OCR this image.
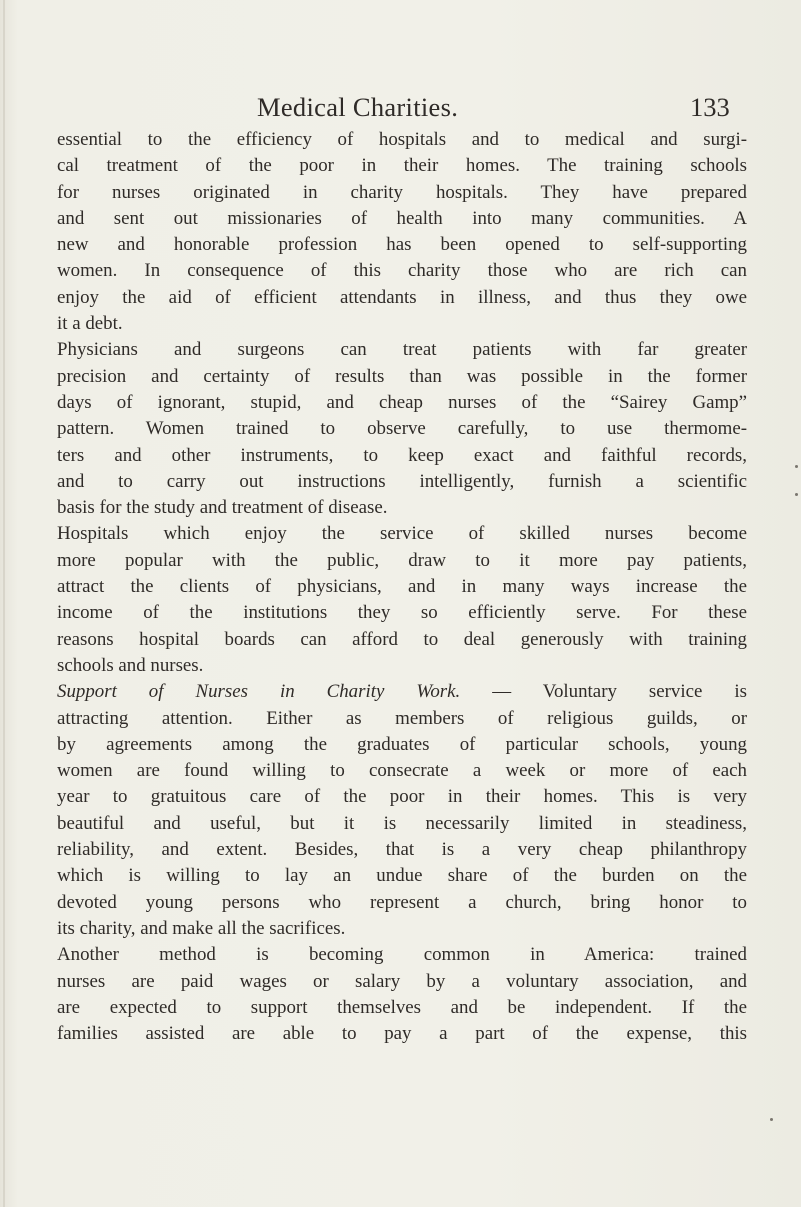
Medical Charities.	133
essential to the efficiency of hospitals and to medical and surgi-
cal treatment of the poor in their homes. The training schools
for nurses originated in charity hospitals. They have prepared
and sent out missionaries of health into many communities. A
new and honorable profession has been opened to self-supporting
women. In consequence of this charity those who are rich can
enjoy the aid of efficient attendants in illness, and thus they owe
it a debt.
Physicians and surgeons can treat patients with far greater
precision and certainty of results than was possible in the former
days of ignorant, stupid, and cheap nurses of the “Sairey Gamp”
pattern. Women trained to observe carefully, to use thermome-
ters and other instruments, to keep exact and faithful records,
and to carry out instructions intelligently, furnish a scientific
basis for the study and treatment of disease.
Hospitals which enjoy the service of skilled nurses become
more popular with the public, draw to it more pay patients,
attract the clients of physicians, and in many ways increase the
income of the institutions they so efficiently serve. For these
reasons hospital boards can afford to deal generously with training
schools and nurses.
Support of Nurses in Charity Work. — Voluntary service is
attracting attention. Either as members of religious guilds, or
by agreements among the graduates of particular schools, young
women are found willing to consecrate a week or more of each
year to gratuitous care of the poor in their homes. This is very
beautiful and useful, but it is necessarily limited in steadiness,
reliability, and extent. Besides, that is a very cheap philanthropy
which is willing to lay an undue share of the burden on the
devoted young persons who represent a church, bring honor to
its charity, and make all the sacrifices.
Another method is becoming common in America: trained
nurses are paid wages or salary by a voluntary association, and
are expected to support themselves and be independent. If the
families assisted are able to pay a part of the expense, this
